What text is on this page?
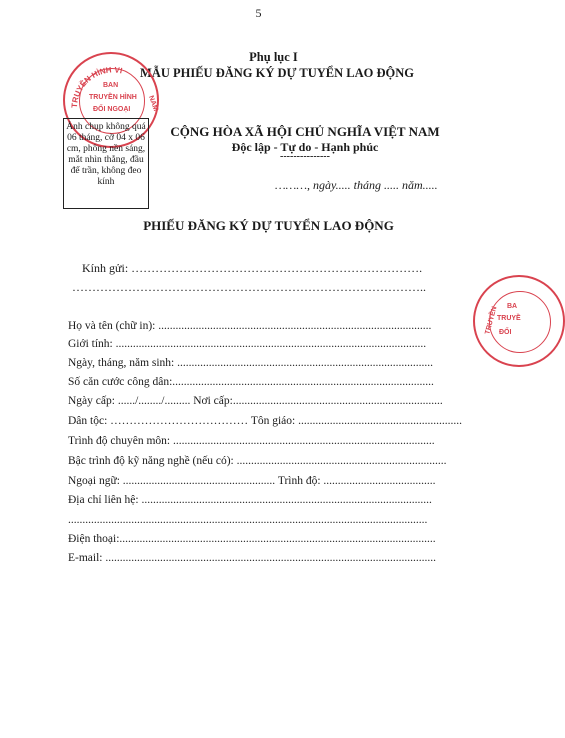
5
Phụ lục I
MẪU PHIẾU ĐĂNG KÝ DỰ TUYỂN LAO ĐỘNG
TRUYỀN HÌNH VI
BAN
TRUYỀN HÌNH
ĐỐI NGOẠI NAM
Ảnh chụp không quá 06 tháng, cỡ 04 x 06 cm, phông nền sáng, mắt nhìn thẳng, đầu để trần, không đeo kính
CỘNG HÒA XÃ HỘI CHỦ NGHĨA VIỆT NAM
Độc lập - Tự do - Hạnh phúc
---------------
………, ngày..... tháng ..... năm.....
PHIẾU ĐĂNG KÝ DỰ TUYỂN LAO ĐỘNG
Kính gửi: ……………………………………………………………….
……………………………………………………………………………..
Họ và tên (chữ in): ...............................................................................................
Giới tính: ............................................................................................................
Ngày, tháng, năm sinh: .........................................................................................
Số căn cước công dân:...........................................................................................
Ngày cấp: ....../......../......... Nơi cấp:.........................................................................
Dân tộc: ……………………………… Tôn giáo: .........................................................
Trình độ chuyên môn: ...........................................................................................
Bậc trình độ kỹ năng nghề (nếu có): .........................................................................
Ngoại ngữ: ..................................................... Trình độ: .......................................
Địa chỉ liên hệ: .....................................................................................................
.............................................................................................................................
Điện thoại:..............................................................................................................
E-mail: ...................................................................................................................
TRUYỀN BA
TRUYỀ
ĐỐI
